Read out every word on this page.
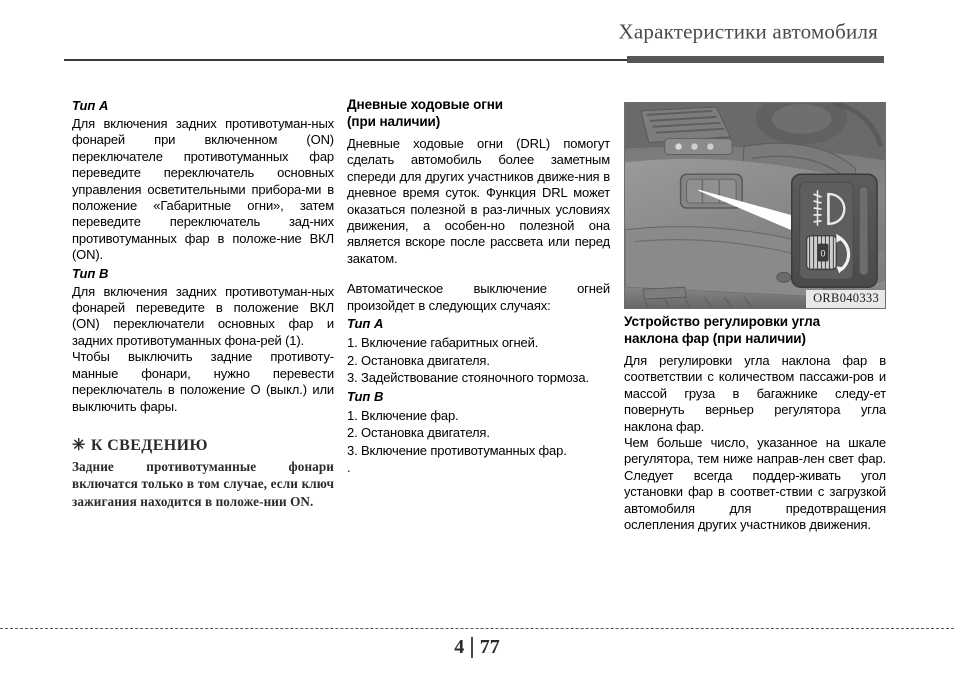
Характеристики автомобиля
Тип A

Для включения задних противотуман-ных фонарей при включенном (ON) переключателе противотуманных фар переведите переключатель основных управления осветительными прибора-ми в положение «Габаритные огни», затем переведите переключатель зад-них противотуманных фар в положе-ние ВКЛ (ON).

Тип B

Для включения задних противотуман-ных фонарей переведите в положение ВКЛ (ON) переключатели основных фар и задних противотуманных фона-рей (1).

Чтобы выключить задние противоту-манные фонари, нужно перевести переключатель в положение O (выкл.) или выключить фары.

✳ К СВЕДЕНИЮ
Задние противотуманные фонари включатся только в том случае, если ключ зажигания находится в положе-нии ON.
Дневные ходовые огни
(при наличии)

Дневные ходовые огни (DRL) помогут сделать автомобиль более заметным спереди для других участников движе-ния в дневное время суток. Функция DRL может оказаться полезной в раз-личных условиях движения, а особен-но полезной она является вскоре после рассвета или перед закатом.

Автоматическое выключение огней произойдет в следующих случаях:

Тип A
1. Включение габаритных огней.
2. Остановка двигателя.
3. Задействование стояночного тормоза.
Тип B
1. Включение фар.
2. Остановка двигателя.
3. Включение противотуманных фар.
.
0
ORB040333
Устройство регулировки угла
наклона фар (при наличии)

Для регулировки угла наклона фар в соответствии с количеством пассажи-ров и массой груза в багажнике следу-ет повернуть верньер регулятора угла наклона фар.

Чем больше число, указанное на шкале регулятора, тем ниже направ-лен свет фар. Следует всегда поддер-живать угол установки фар в соответ-ствии с загрузкой автомобиля для предотвращения ослепления других участников движения.

4 77
